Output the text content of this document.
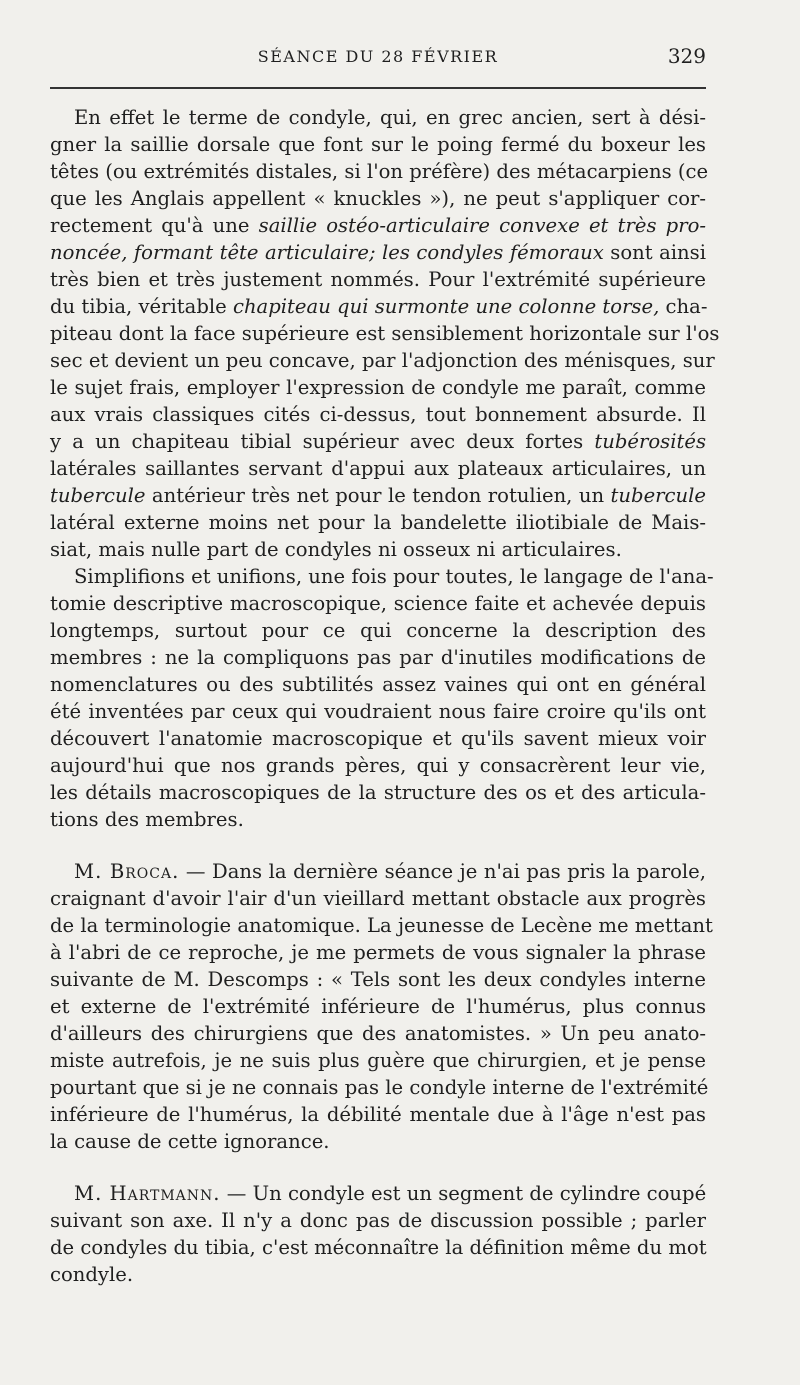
SÉANCE DU 28 FÉVRIER	329
En effet le terme de condyle, qui, en grec ancien, sert à dési-
gner la saillie dorsale que font sur le poing fermé du boxeur les
têtes (ou extrémités distales, si l'on préfère) des métacarpiens (ce
que les Anglais appellent « knuckles »), ne peut s'appliquer cor-
rectement qu'à une saillie ostéo-articulaire convexe et très pro-
noncée, formant tête articulaire; les condyles fémoraux sont ainsi
très bien et très justement nommés. Pour l'extrémité supérieure
du tibia, véritable chapiteau qui surmonte une colonne torse, cha-
piteau dont la face supérieure est sensiblement horizontale sur l'os
sec et devient un peu concave, par l'adjonction des ménisques, sur
le sujet frais, employer l'expression de condyle me paraît, comme
aux vrais classiques cités ci-dessus, tout bonnement absurde. Il
y a un chapiteau tibial supérieur avec deux fortes tubérosités
latérales saillantes servant d'appui aux plateaux articulaires, un
tubercule antérieur très net pour le tendon rotulien, un tubercule
latéral externe moins net pour la bandelette iliotibiale de Mais-
siat, mais nulle part de condyles ni osseux ni articulaires.
Simplifions et unifions, une fois pour toutes, le langage de l'ana-
tomie descriptive macroscopique, science faite et achevée depuis
longtemps, surtout pour ce qui concerne la description des
membres : ne la compliquons pas par d'inutiles modifications de
nomenclatures ou des subtilités assez vaines qui ont en général
été inventées par ceux qui voudraient nous faire croire qu'ils ont
découvert l'anatomie macroscopique et qu'ils savent mieux voir
aujourd'hui que nos grands pères, qui y consacrèrent leur vie,
les détails macroscopiques de la structure des os et des articula-
tions des membres.
M. Broca. — Dans la dernière séance je n'ai pas pris la parole,
craignant d'avoir l'air d'un vieillard mettant obstacle aux progrès
de la terminologie anatomique. La jeunesse de Lecène me mettant
à l'abri de ce reproche, je me permets de vous signaler la phrase
suivante de M. Descomps : « Tels sont les deux condyles interne
et externe de l'extrémité inférieure de l'humérus, plus connus
d'ailleurs des chirurgiens que des anatomistes. » Un peu anato-
miste autrefois, je ne suis plus guère que chirurgien, et je pense
pourtant que si je ne connais pas le condyle interne de l'extrémité
inférieure de l'humérus, la débilité mentale due à l'âge n'est pas
la cause de cette ignorance.
M. Hartmann. — Un condyle est un segment de cylindre coupé
suivant son axe. Il n'y a donc pas de discussion possible ; parler
de condyles du tibia, c'est méconnaître la définition même du mot
condyle.
